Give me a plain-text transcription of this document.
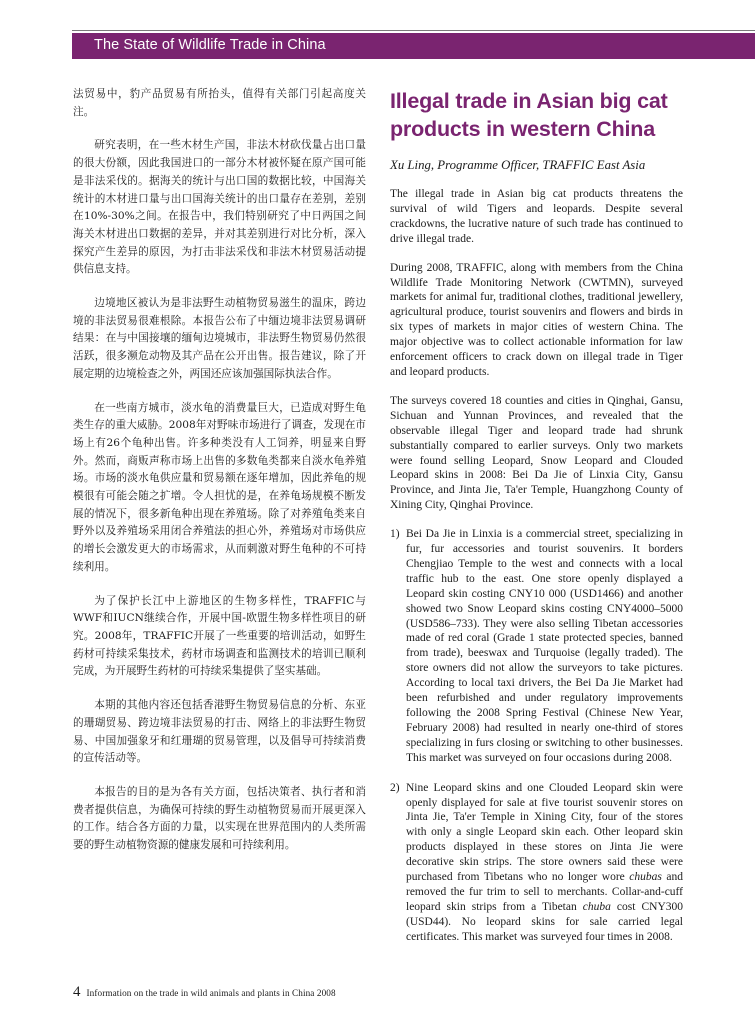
The State of Wildlife Trade in China

法贸易中，豹产品贸易有所抬头，值得有关部门引起高度关注。

研究表明，在一些木材生产国，非法木材砍伐量占出口量的很大份额，因此我国进口的一部分木材被怀疑在原产国可能是非法采伐的。据海关的统计与出口国的数据比较，中国海关统计的木材进口量与出口国海关统计的出口量存在差别，差别在10%-30%之间。在报告中，我们特别研究了中日两国之间海关木材进出口数据的差异，并对其差别进行对比分析，深入探究产生差异的原因，为打击非法采伐和非法木材贸易活动提供信息支持。

边境地区被认为是非法野生动植物贸易滋生的温床，跨边境的非法贸易很难根除。本报告公布了中缅边境非法贸易调研结果：在与中国接壤的缅甸边境城市，非法野生物贸易仍然很活跃，很多濒危动物及其产品在公开出售。报告建议，除了开展定期的边境检查之外，两国还应该加强国际执法合作。

在一些南方城市，淡水龟的消费量巨大，已造成对野生龟类生存的重大威胁。2008年对野味市场进行了调查，发现在市场上有26个龟种出售。许多种类没有人工饲养，明显来自野外。然而，商贩声称市场上出售的多数龟类都来自淡水龟养殖场。市场的淡水龟供应量和贸易额在逐年增加，因此养龟的规模很有可能会随之扩增。令人担忧的是，在养龟场规模不断发展的情况下，很多新龟种出现在养殖场。除了对养殖龟类来自野外以及养殖场采用闭合养殖法的担心外，养殖场对市场供应的增长会激发更大的市场需求，从而刺激对野生龟种的不可持续利用。

为了保护长江中上游地区的生物多样性，TRAFFIC与WWF和IUCN继续合作，开展中国-欧盟生物多样性项目的研究。2008年，TRAFFIC开展了一些重要的培训活动，如野生药材可持续采集技术，药材市场调查和监测技术的培训已顺利完成，为开展野生药材的可持续采集提供了坚实基础。

本期的其他内容还包括香港野生物贸易信息的分析、东亚的珊瑚贸易、跨边境非法贸易的打击、网络上的非法野生物贸易、中国加强象牙和红珊瑚的贸易管理，以及倡导可持续消费的宣传活动等。

本报告的目的是为各有关方面，包括决策者、执行者和消费者提供信息，为确保可持续的野生动植物贸易而开展更深入的工作。结合各方面的力量，以实现在世界范围内的人类所需要的野生动植物资源的健康发展和可持续利用。

Illegal trade in Asian big cat products in western China
Xu Ling, Programme Officer, TRAFFIC East Asia

The illegal trade in Asian big cat products threatens the survival of wild Tigers and leopards. Despite several crackdowns, the lucrative nature of such trade has continued to drive illegal trade.

During 2008, TRAFFIC, along with members from the China Wildlife Trade Monitoring Network (CWTMN), surveyed markets for animal fur, traditional clothes, traditional jewellery, agricultural produce, tourist souvenirs and flowers and birds in six types of markets in major cities of western China. The major objective was to collect actionable information for law enforcement officers to crack down on illegal trade in Tiger and leopard products.

The surveys covered 18 counties and cities in Qinghai, Gansu, Sichuan and Yunnan Provinces, and revealed that the observable illegal Tiger and leopard trade had shrunk substantially compared to earlier surveys. Only two markets were found selling Leopard, Snow Leopard and Clouded Leopard skins in 2008: Bei Da Jie of Linxia City, Gansu Province, and Jinta Jie, Ta'er Temple, Huangzhong County of Xining City, Qinghai Province.

1) Bei Da Jie in Linxia is a commercial street, specializing in fur, fur accessories and tourist souvenirs. It borders Chengjiao Temple to the west and connects with a local traffic hub to the east. One store openly displayed a Leopard skin costing CNY10 000 (USD1466) and another showed two Snow Leopard skins costing CNY4000–5000 (USD586–733). They were also selling Tibetan accessories made of red coral (Grade 1 state protected species, banned from trade), beeswax and Turquoise (legally traded). The store owners did not allow the surveyors to take pictures. According to local taxi drivers, the Bei Da Jie Market had been refurbished and under regulatory improvements following the 2008 Spring Festival (Chinese New Year, February 2008) had resulted in nearly one-third of stores specializing in furs closing or switching to other businesses. This market was surveyed on four occasions during 2008.
2) Nine Leopard skins and one Clouded Leopard skin were openly displayed for sale at five tourist souvenir stores on Jinta Jie, Ta'er Temple in Xining City, four of the stores with only a single Leopard skin each. Other leopard skin products displayed in these stores on Jinta Jie were decorative skin strips. The store owners said these were purchased from Tibetans who no longer wore chubas and removed the fur trim to sell to merchants. Collar-and-cuff leopard skin strips from a Tibetan chuba cost CNY300 (USD44). No leopard skins for sale carried legal certificates. This market was surveyed four times in 2008.
4 Information on the trade in wild animals and plants in China 2008
